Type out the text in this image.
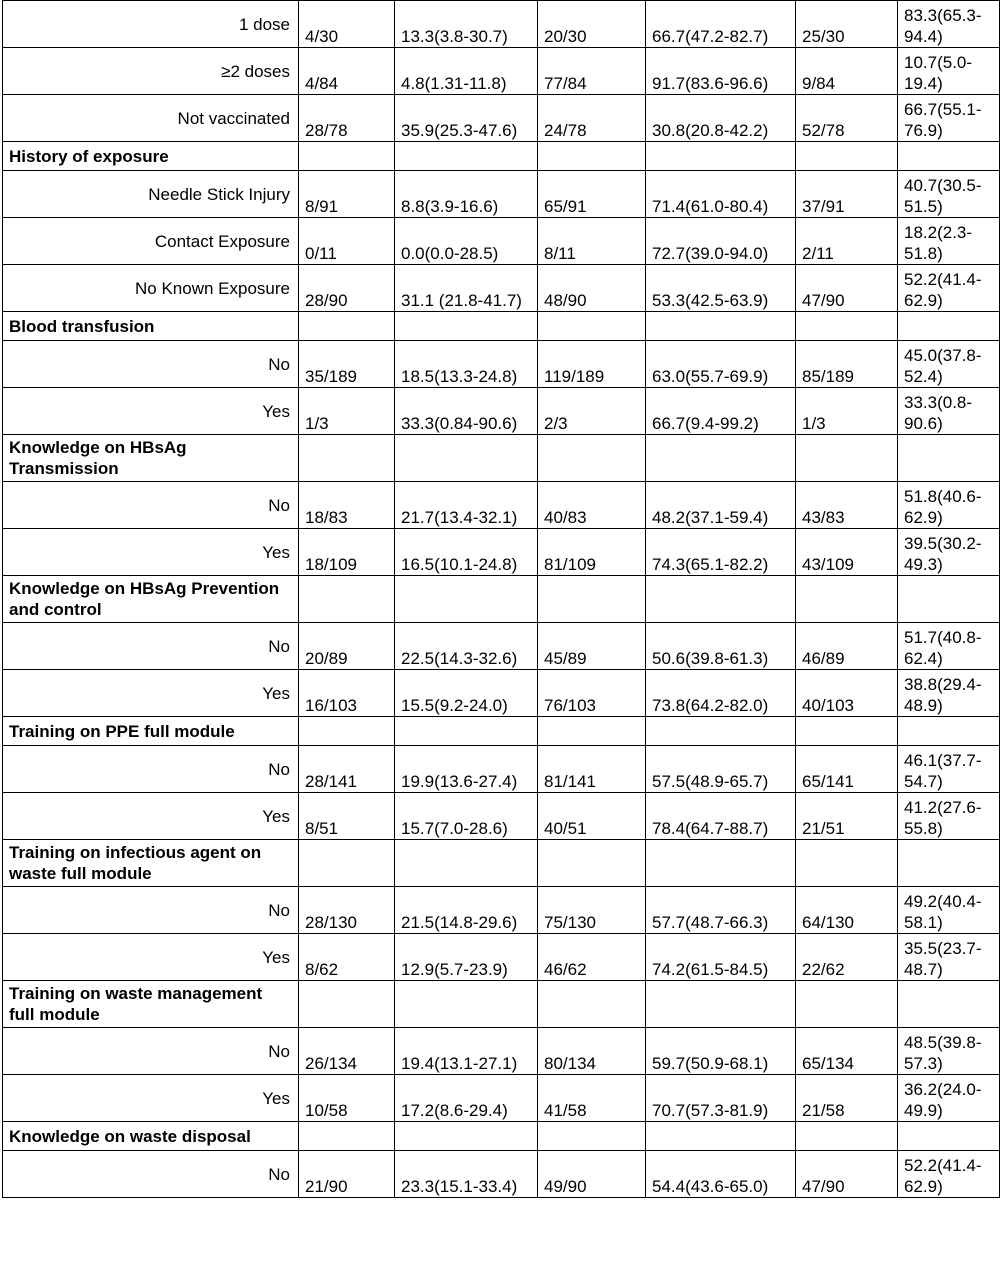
1 dose	4/30	13.3(3.8-30.7)	20/30	66.7(47.2-82.7)	25/30	83.3(65.3-94.4)
≥2 doses	4/84	4.8(1.31-11.8)	77/84	91.7(83.6-96.6)	9/84	10.7(5.0-19.4)
Not vaccinated	28/78	35.9(25.3-47.6)	24/78	30.8(20.8-42.2)	52/78	66.7(55.1-76.9)
History of exposure						
Needle Stick Injury	8/91	8.8(3.9-16.6)	65/91	71.4(61.0-80.4)	37/91	40.7(30.5-51.5)
Contact Exposure	0/11	0.0(0.0-28.5)	8/11	72.7(39.0-94.0)	2/11	18.2(2.3-51.8)
No Known Exposure	28/90	31.1 (21.8-41.7)	48/90	53.3(42.5-63.9)	47/90	52.2(41.4-62.9)
Blood transfusion						
No	35/189	18.5(13.3-24.8)	119/189	63.0(55.7-69.9)	85/189	45.0(37.8-52.4)
Yes	1/3	33.3(0.84-90.6)	2/3	66.7(9.4-99.2)	1/3	33.3(0.8-90.6)
Knowledge on HBsAg Transmission						
No	18/83	21.7(13.4-32.1)	40/83	48.2(37.1-59.4)	43/83	51.8(40.6-62.9)
Yes	18/109	16.5(10.1-24.8)	81/109	74.3(65.1-82.2)	43/109	39.5(30.2-49.3)
Knowledge on HBsAg Prevention and control						
No	20/89	22.5(14.3-32.6)	45/89	50.6(39.8-61.3)	46/89	51.7(40.8-62.4)
Yes	16/103	15.5(9.2-24.0)	76/103	73.8(64.2-82.0)	40/103	38.8(29.4-48.9)
Training on PPE full module						
No	28/141	19.9(13.6-27.4)	81/141	57.5(48.9-65.7)	65/141	46.1(37.7-54.7)
Yes	8/51	15.7(7.0-28.6)	40/51	78.4(64.7-88.7)	21/51	41.2(27.6-55.8)
Training on infectious agent on waste full module						
No	28/130	21.5(14.8-29.6)	75/130	57.7(48.7-66.3)	64/130	49.2(40.4-58.1)
Yes	8/62	12.9(5.7-23.9)	46/62	74.2(61.5-84.5)	22/62	35.5(23.7-48.7)
Training on waste management full module						
No	26/134	19.4(13.1-27.1)	80/134	59.7(50.9-68.1)	65/134	48.5(39.8-57.3)
Yes	10/58	17.2(8.6-29.4)	41/58	70.7(57.3-81.9)	21/58	36.2(24.0-49.9)
Knowledge on waste disposal						
No	21/90	23.3(15.1-33.4)	49/90	54.4(43.6-65.0)	47/90	52.2(41.4-62.9)
